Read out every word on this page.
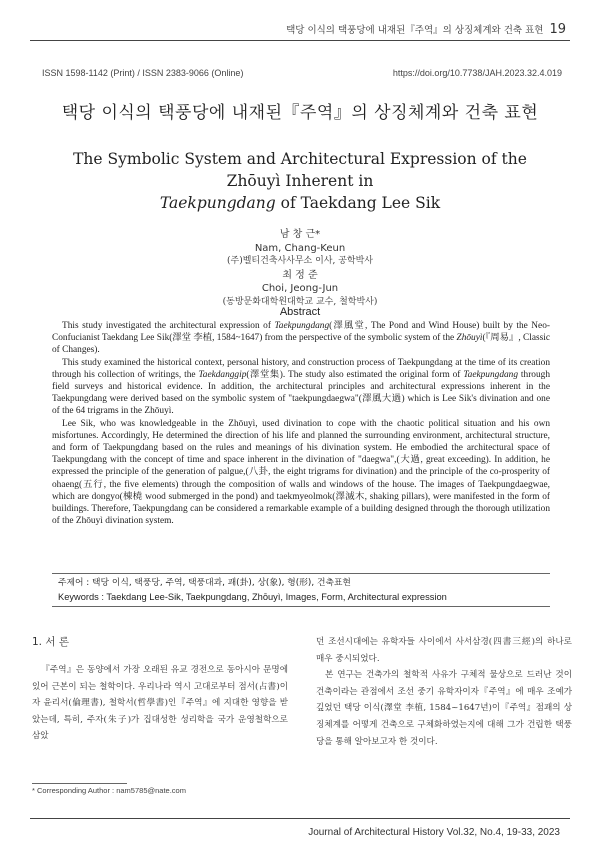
택당 이식의 택풍당에 내재된『주역』의 상징체계와 건축 표현 19
ISSN 1598-1142 (Print) / ISSN 2383-9066 (Online)	https://doi.org/10.7738/JAH.2023.32.4.019
택당 이식의 택풍당에 내재된『주역』의 상징체계와 건축 표현
The Symbolic System and Architectural Expression of the Zhōuyì Inherent in
Taekpungdang of Taekdang Lee Sik
남 창 근*
Nam, Chang-Keun
(주)벨티건축사사무소 이사, 공학박사
최 정 준
Choi, Jeong-Jun
(동방문화대학원대학교 교수, 철학박사)
Abstract

This study investigated the architectural expression of Taekpungdang(澤風堂, The Pond and Wind House) built by the Neo-Confucianist Taekdang Lee Sik(澤堂 李植, 1584~1647) from the perspective of the symbolic system of the Zhōuyì(『周易』, Classic of Changes).

This study examined the historical context, personal history, and construction process of Taekpungdang at the time of its creation through his collection of writings, the Taekdanggip(澤堂集). The study also estimated the original form of Taekpungdang through field surveys and historical evidence. In addition, the architectural principles and architectural expressions inherent in the Taekpungdang were derived based on the symbolic system of "taekpungdaegwa"(澤風大過) which is Lee Sik's divination and one of the 64 trigrams in the Zhōuyì.

Lee Sik, who was knowledgeable in the Zhōuyì, used divination to cope with the chaotic political situation and his own misfortunes. Accordingly, He determined the direction of his life and planned the surrounding environment, architectural structure, and form of Taekpungdang based on the rules and meanings of his divination system. He embodied the architectural space of Taekpungdang with the concept of time and space inherent in the divination of "daegwa",(大過, great exceeding). In addition, he expressed the principle of the generation of palgue,(八卦, the eight trigrams for divination) and the principle of the co-prosperity of ohaeng(五行, the five elements) through the composition of walls and windows of the house. The images of Taekpungdaegwae, which are dongyo(棟橈 wood submerged in the pond) and taekmyeolmok(澤滅木, shaking pillars), were manifested in the form of buildings. Therefore, Taekpungdang can be considered a remarkable example of a building designed through the thorough utilization of the Zhōuyì divination system.

주제어 : 택당 이식, 택풍당, 주역, 택풍대과, 괘(卦), 상(象), 형(形), 건축표현
Keywords : Taekdang Lee-Sik, Taekpungdang, Zhōuyì, Images, Form, Architectural expression
1. 서 론

『주역』은 동양에서 가장 오래된 유교 경전으로 동아시아 문명에 있어 근본이 되는 철학이다. 우리나라 역시 고대로부터 점서(占書)이자 윤리서(倫理書), 철학서(哲學書)인『주역』에 지대한 영향을 받았는데, 특히, 주자(朱子)가 집대성한 성리학을 국가 운영철학으로 삼았

던 조선시대에는 유학자들 사이에서 사서삼경(四書三經)의 하나로 매우 중시되었다.

본 연구는 건축가의 철학적 사유가 구체적 물상으로 드러난 것이 건축이라는 관점에서 조선 중기 유학자이자『주역』에 매우 조예가 깊었던 택당 이식(澤堂 李植, 1584~1647년)이『주역』점괘의 상징체계를 어떻게 건축으로 구체화하였는지에 대해 그가 건립한 택풍당을 통해 알아보고자 한 것이다.

* Corresponding Author : nam5785@nate.com
Journal of Architectural History Vol.32, No.4, 19-33, 2023
